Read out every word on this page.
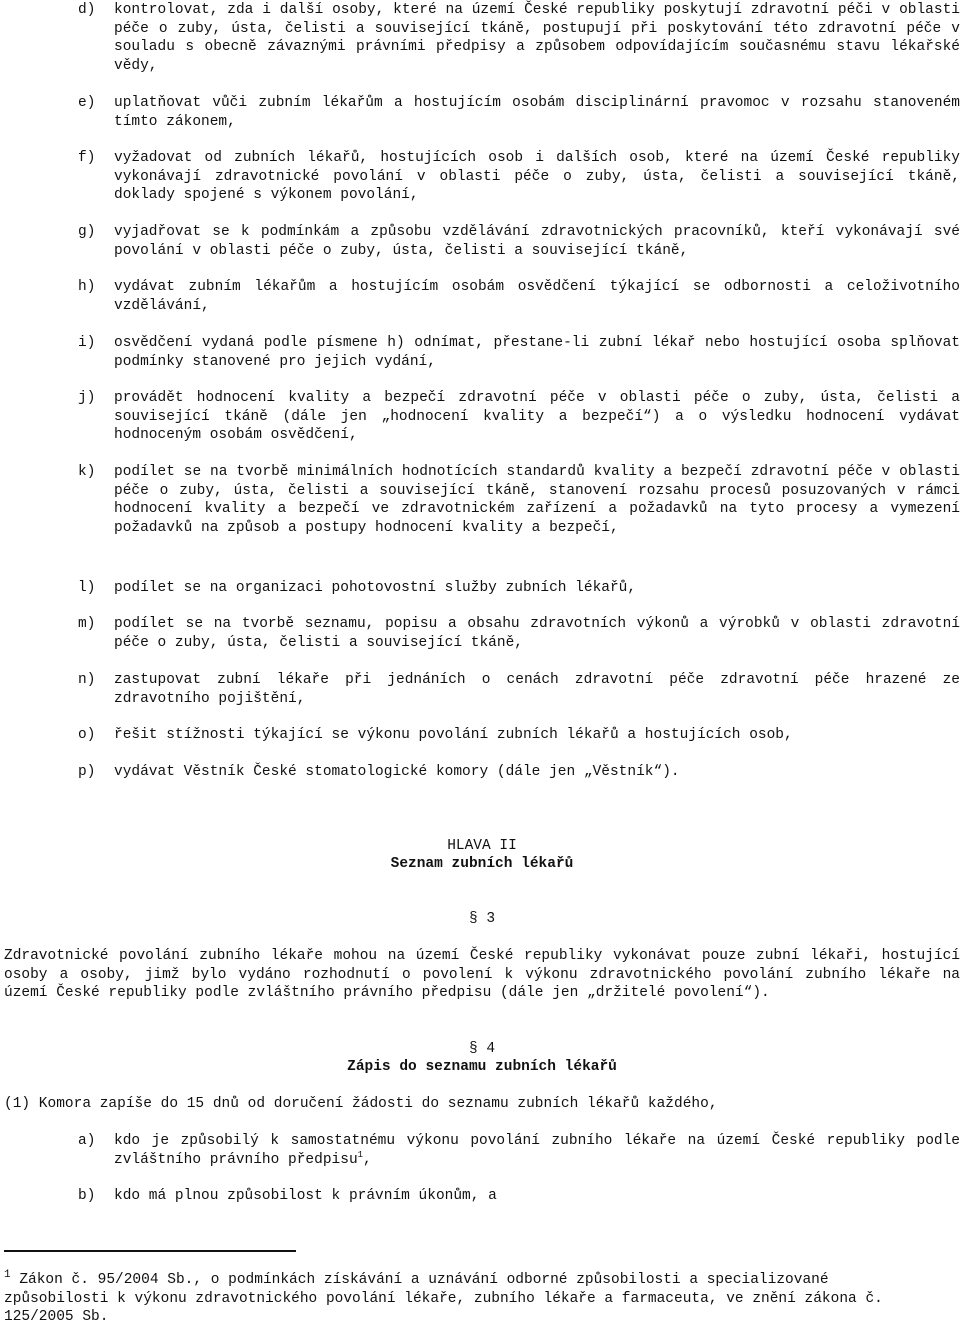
d) kontrolovat, zda i další osoby, které na území České republiky poskytují zdravotní péči v oblasti péče o zuby, ústa, čelisti a související tkáně, postupují při poskytování této zdravotní péče v souladu s obecně závaznými právními předpisy a způsobem odpovídajícím současnému stavu lékařské vědy,
e) uplatňovat vůči zubním lékařům a hostujícím osobám disciplinární pravomoc v rozsahu stanoveném tímto zákonem,
f) vyžadovat od zubních lékařů, hostujících osob i dalších osob, které na území České republiky vykonávají zdravotnické povolání v oblasti péče o zuby, ústa, čelisti a související tkáně, doklady spojené s výkonem povolání,
g) vyjadřovat se k podmínkám a způsobu vzdělávání zdravotnických pracovníků, kteří vykonávají své povolání v oblasti péče o zuby, ústa, čelisti a související tkáně,
h) vydávat zubním lékařům a hostujícím osobám osvědčení týkající se odbornosti a celoživotního vzdělávání,
i) osvědčení vydaná podle písmene h) odnímat, přestane-li zubní lékař nebo hostující osoba splňovat podmínky stanovené pro jejich vydání,
j) provádět hodnocení kvality a bezpečí zdravotní péče v oblasti péče o zuby, ústa, čelisti a související tkáně (dále jen „hodnocení kvality a bezpečí“) a o výsledku hodnocení vydávat hodnoceným osobám osvědčení,
k) podílet se na tvorbě minimálních hodnotících standardů kvality a bezpečí zdravotní péče v oblasti péče o zuby, ústa, čelisti a související tkáně, stanovení rozsahu procesů posuzovaných v rámci hodnocení kvality a bezpečí ve zdravotnickém zařízení a požadavků na tyto procesy a vymezení požadavků na způsob a postupy hodnocení kvality a bezpečí,
l) podílet se na organizaci pohotovostní služby zubních lékařů,
m) podílet se na tvorbě seznamu, popisu a obsahu zdravotních výkonů a výrobků v oblasti zdravotní péče o zuby, ústa, čelisti a související tkáně,
n) zastupovat zubní lékaře při jednáních o cenách zdravotní péče zdravotní péče hrazené ze zdravotního pojištění,
o) řešit stížnosti týkající se výkonu povolání zubních lékařů a hostujících osob,
p) vydávat Věstník České stomatologické komory (dále jen „Věstník“).
HLAVA II
Seznam zubních lékařů
§ 3
Zdravotnické povolání zubního lékaře mohou na území České republiky vykonávat pouze zubní lékaři, hostující osoby a osoby, jimž bylo vydáno rozhodnutí o povolení k výkonu zdravotnického povolání zubního lékaře na území České republiky podle zvláštního právního předpisu (dále jen „držitelé povolení“).
§ 4
Zápis do seznamu zubních lékařů
(1) Komora zapíše do 15 dnů od doručení žádosti do seznamu zubních lékařů každého,
a) kdo je způsobilý k samostatnému výkonu povolání zubního lékaře na území České republiky podle zvláštního právního předpisu$^1$,
b) kdo má plnou způsobilost k právním úkonům, a
$^1$ Zákon č. 95/2004 Sb., o podmínkách získávání a uznávání odborné způsobilosti a specializované způsobilosti k výkonu zdravotnického povolání lékaře, zubního lékaře a farmaceuta, ve znění zákona č. 125/2005 Sb.
